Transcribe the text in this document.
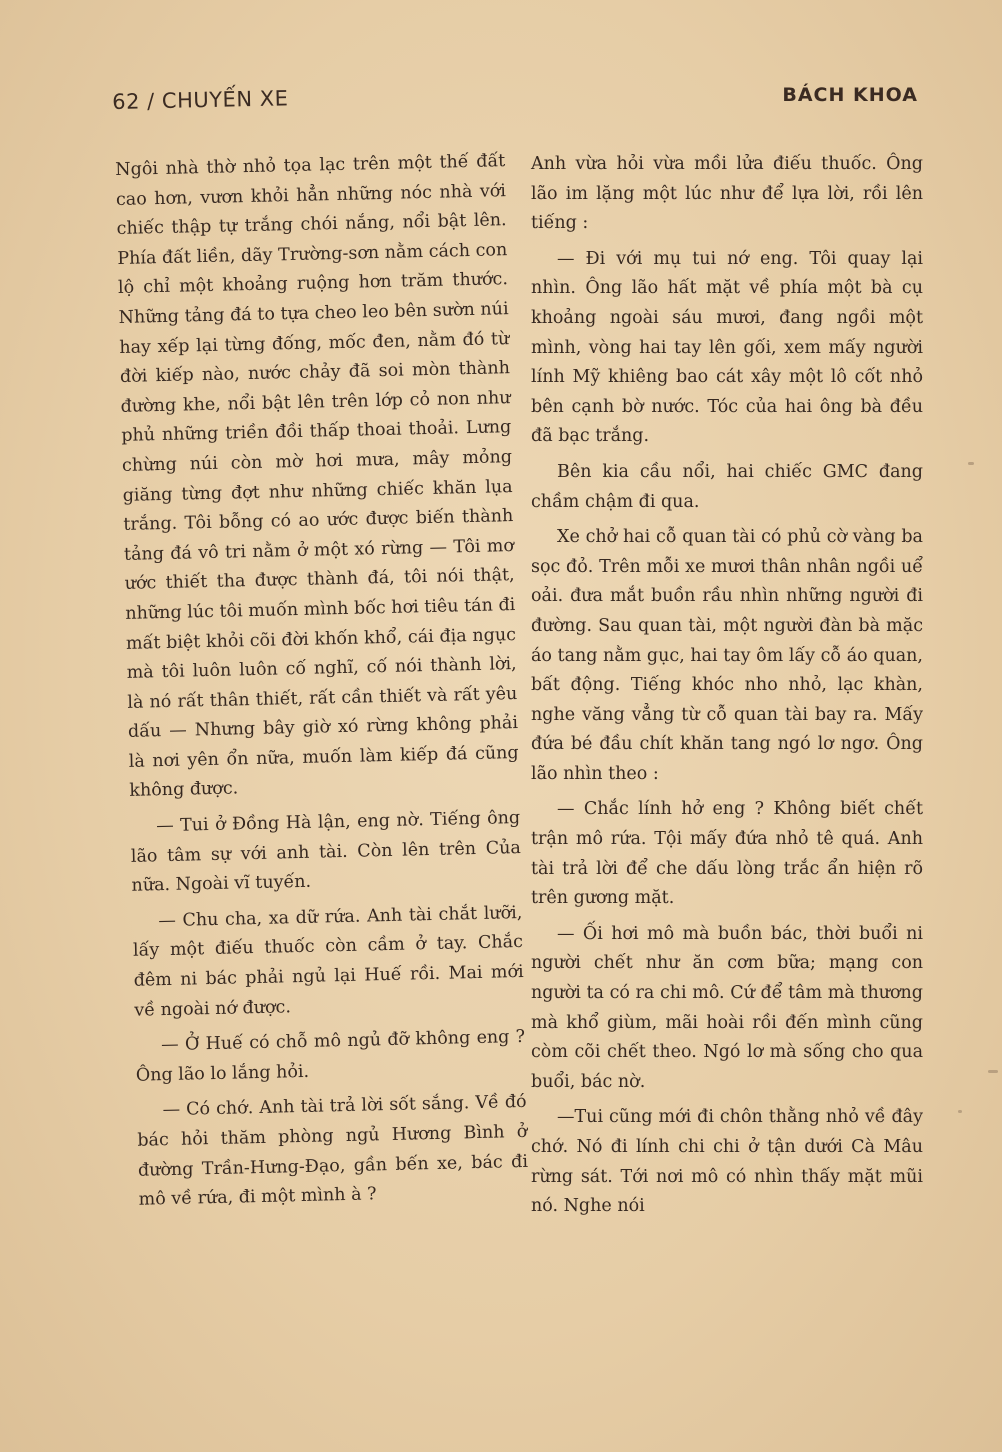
62 / CHUYẾN XE	BÁCH KHOA

Ngôi nhà thờ nhỏ tọa lạc trên một thế đất cao hơn, vươn khỏi hẳn những nóc nhà với chiếc thập tự trắng chói nắng, nổi bật lên. Phía đất liền, dãy Trường-sơn nằm cách con lộ chỉ một khoảng ruộng hơn trăm thước. Những tảng đá to tựa cheo leo bên sườn núi hay xếp lại từng đống, mốc đen, nằm đó từ đời kiếp nào, nước chảy đã soi mòn thành đường khe, nổi bật lên trên lớp cỏ non như phủ những triền đồi thấp thoai thoải. Lưng chừng núi còn mờ hơi mưa, mây mỏng giăng từng đợt như những chiếc khăn lụa trắng. Tôi bỗng có ao ước được biến thành tảng đá vô tri nằm ở một xó rừng — Tôi mơ ước thiết tha được thành đá, tôi nói thật, những lúc tôi muốn mình bốc hơi tiêu tán đi mất biệt khỏi cõi đời khốn khổ, cái địa ngục mà tôi luôn luôn cố nghĩ, cố nói thành lời, là nó rất thân thiết, rất cần thiết và rất yêu dấu — Nhưng bây giờ xó rừng không phải là nơi yên ổn nữa, muốn làm kiếp đá cũng không được.

— Tui ở Đồng Hà lận, eng nờ. Tiếng ông lão tâm sự với anh tài. Còn lên trên Của nữa. Ngoài vĩ tuyến.

— Chu cha, xa dữ rứa. Anh tài chắt lưỡi, lấy một điếu thuốc còn cầm ở tay. Chắc đêm ni bác phải ngủ lại Huế rồi. Mai mới về ngoài nớ được.

— Ở Huế có chỗ mô ngủ đỡ không eng ? Ông lão lo lắng hỏi.

— Có chớ. Anh tài trả lời sốt sắng. Về đó bác hỏi thăm phòng ngủ Hương Bình ở đường Trần-Hưng-Đạo, gần bến xe, bác đi mô về rứa, đi một mình à ?

Anh vừa hỏi vừa mồi lửa điếu thuốc. Ông lão im lặng một lúc như để lựa lời, rồi lên tiếng :

— Đi với mụ tui nớ eng. Tôi quay lại nhìn. Ông lão hất mặt về phía một bà cụ khoảng ngoài sáu mươi, đang ngồi một mình, vòng hai tay lên gối, xem mấy người lính Mỹ khiêng bao cát xây một lô cốt nhỏ bên cạnh bờ nước. Tóc của hai ông bà đều đã bạc trắng.

Bên kia cầu nổi, hai chiếc GMC đang chầm chậm đi qua.

Xe chở hai cỗ quan tài có phủ cờ vàng ba sọc đỏ. Trên mỗi xe mươi thân nhân ngồi uể oải. đưa mắt buồn rầu nhìn những người đi đường. Sau quan tài, một người đàn bà mặc áo tang nằm gục, hai tay ôm lấy cỗ áo quan, bất động. Tiếng khóc nho nhỏ, lạc khàn, nghe văng vẳng từ cỗ quan tài bay ra. Mấy đứa bé đầu chít khăn tang ngó lơ ngơ. Ông lão nhìn theo :

— Chắc lính hở eng ? Không biết chết trận mô rứa. Tội mấy đứa nhỏ tê quá. Anh tài trả lời để che dấu lòng trắc ẩn hiện rõ trên gương mặt.

— Ối hơi mô mà buồn bác, thời buổi ni người chết như ăn cơm bữa; mạng con người ta có ra chi mô. Cứ để tâm mà thương mà khổ giùm, mãi hoài rồi đến mình cũng còm cõi chết theo. Ngó lơ mà sống cho qua buổi, bác nờ.

—Tui cũng mới đi chôn thằng nhỏ về đây chớ. Nó đi lính chi chi ở tận dưới Cà Mâu rừng sát. Tới nơi mô có nhìn thấy mặt mũi nó. Nghe nói
